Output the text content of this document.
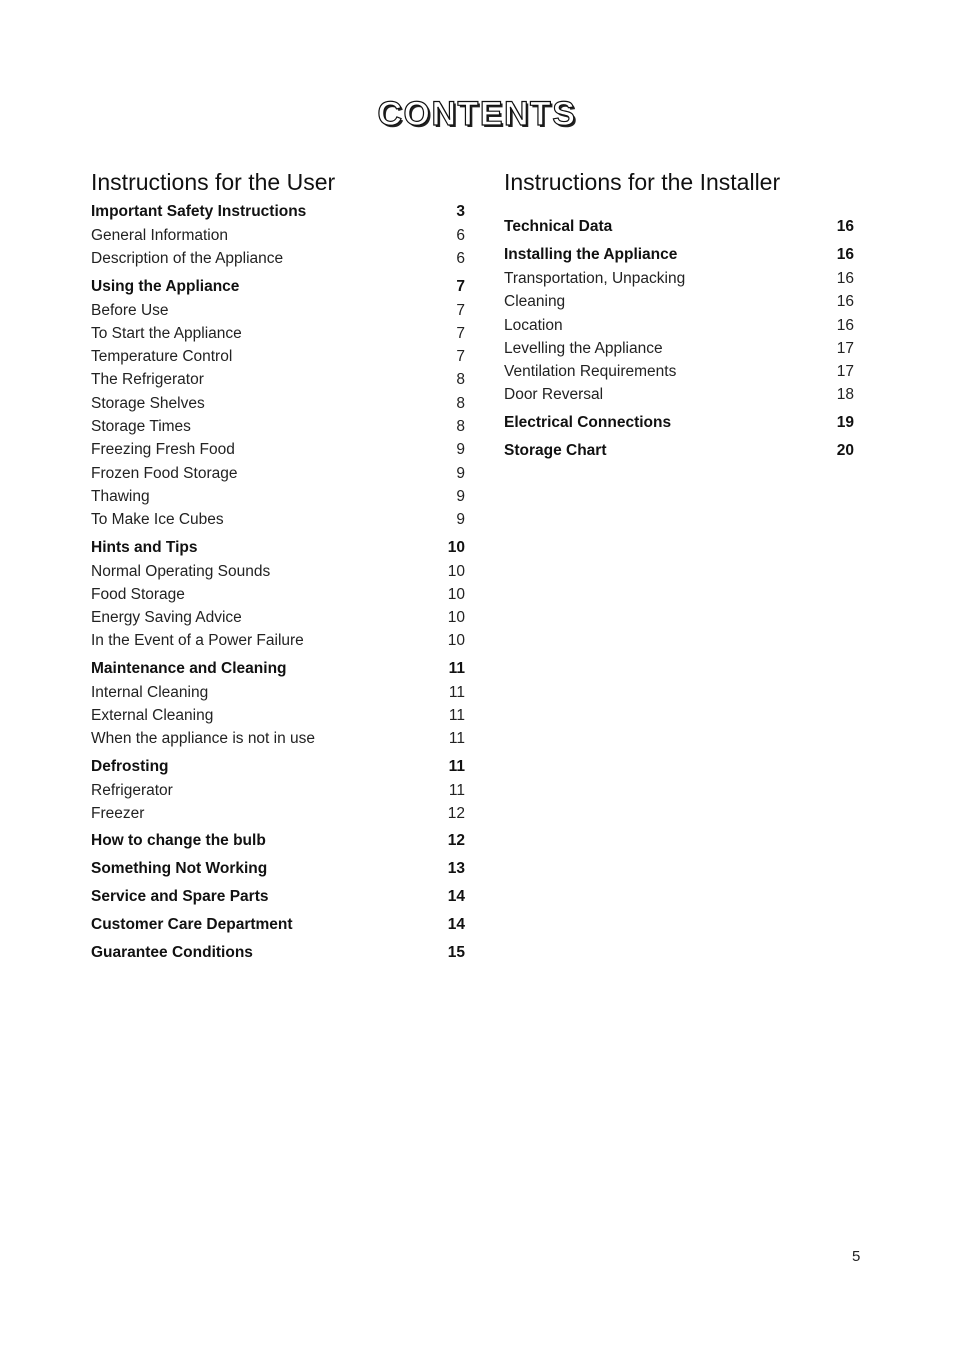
CONTENTS
Instructions for the User
Important Safety Instructions	3
General Information	6
Description of the Appliance	6
Using the Appliance	7
Before Use	7
To Start the Appliance	7
Temperature Control	7
The Refrigerator	8
Storage Shelves	8
Storage Times	8
Freezing Fresh Food	9
Frozen Food Storage	9
Thawing	9
To Make Ice Cubes	9
Hints and Tips	10
Normal Operating Sounds	10
Food Storage	10
Energy Saving Advice	10
In the Event of a Power Failure	10
Maintenance and Cleaning	11
Internal Cleaning	11
External Cleaning	11
When the appliance is not in use	11
Defrosting	11
Refrigerator	11
Freezer	12
How to change the bulb	12
Something Not Working	13
Service and Spare Parts	14
Customer Care Department	14
Guarantee Conditions	15
Instructions for the Installer
Technical Data	16
Installing the Appliance	16
Transportation, Unpacking	16
Cleaning	16
Location	16
Levelling the Appliance	17
Ventilation Requirements	17
Door Reversal	18
Electrical Connections	19
Storage Chart	20
5
